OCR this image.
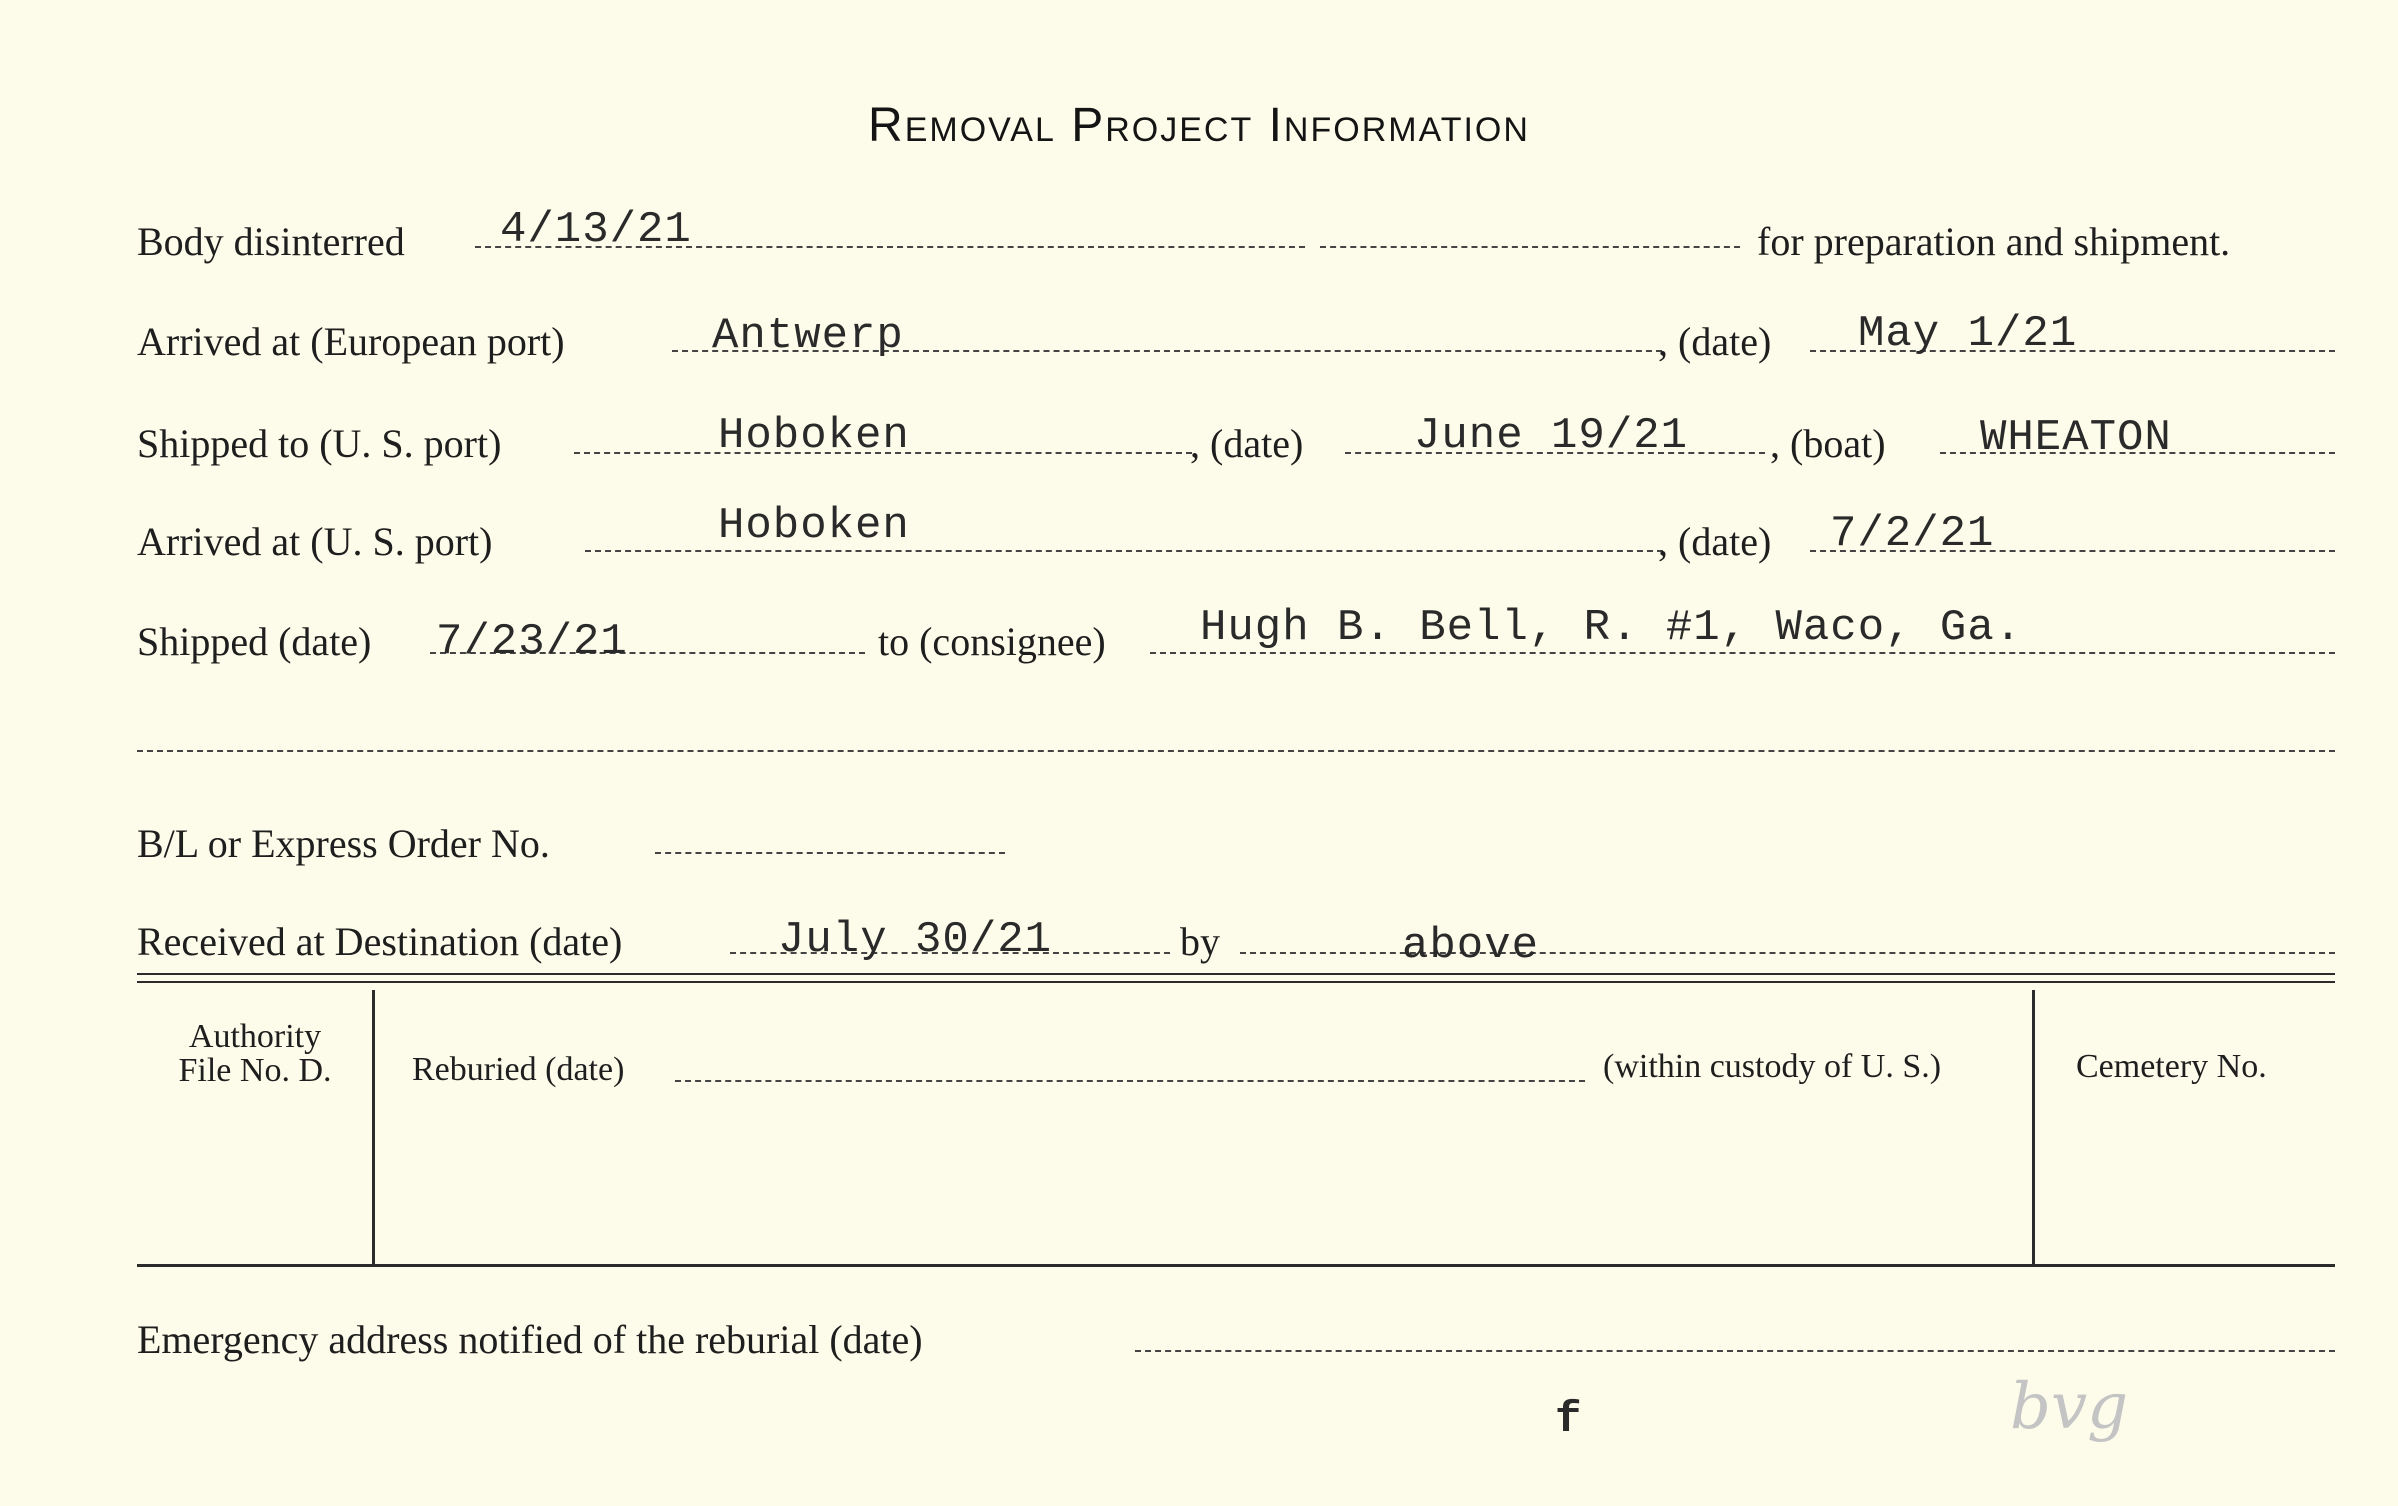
Removal Project Information
Body disinterred 4/13/21	for preparation and shipment.
Arrived at (European port)	Antwerp	, (date) May 1/21
Shipped to (U. S. port)	Hoboken	, (date)	June 19/21 , (boat) WHEATON
Arrived at (U. S. port)	Hoboken	, (date) 7/2/21
Shipped (date) 7/23/21	to (consignee) Hugh B. Bell, R. #1, Waco, Ga.
B/L or Express Order No.
Received at Destination (date)	July 30/21	by	above
Authority
File No. D.	Reburied (date)	(within custody of U. S.)	Cemetery No.
Emergency address notified of the reburial (date)
f	bvg
